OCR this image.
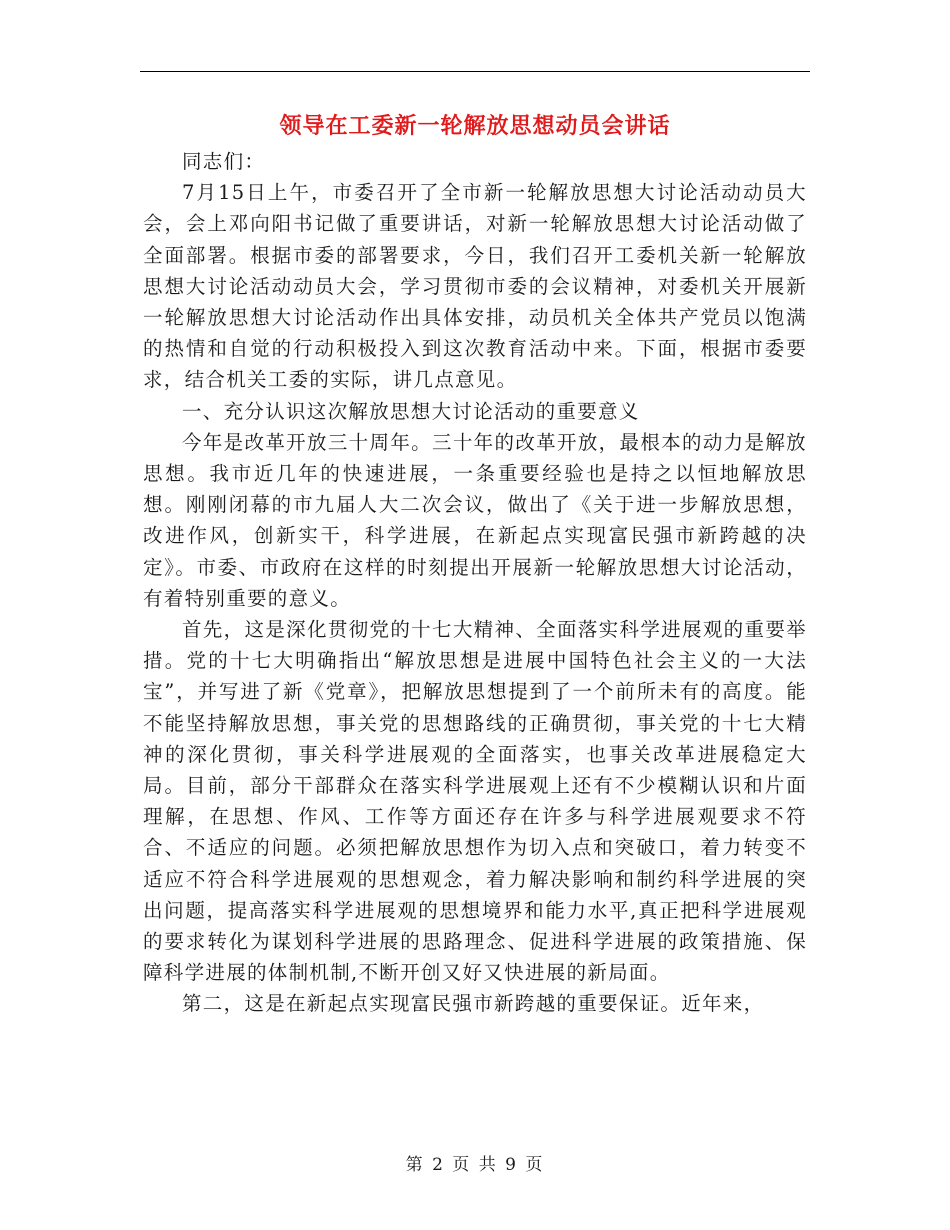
领导在工委新一轮解放思想动员会讲话

同志们：

7月15日上午，市委召开了全市新一轮解放思想大讨论活动动员大会，会上邓向阳书记做了重要讲话，对新一轮解放思想大讨论活动做了全面部署。根据市委的部署要求，今日，我们召开工委机关新一轮解放思想大讨论活动动员大会，学习贯彻市委的会议精神，对委机关开展新一轮解放思想大讨论活动作出具体安排，动员机关全体共产党员以饱满的热情和自觉的行动积极投入到这次教育活动中来。下面，根据市委要求，结合机关工委的实际，讲几点意见。

一、充分认识这次解放思想大讨论活动的重要意义

今年是改革开放三十周年。三十年的改革开放，最根本的动力是解放思想。我市近几年的快速进展，一条重要经验也是持之以恒地解放思想。刚刚闭幕的市九届人大二次会议，做出了《关于进一步解放思想，改进作风，创新实干，科学进展，在新起点实现富民强市新跨越的决定》。市委、市政府在这样的时刻提出开展新一轮解放思想大讨论活动，有着特别重要的意义。

首先，这是深化贯彻党的十七大精神、全面落实科学进展观的重要举措。党的十七大明确指出“解放思想是进展中国特色社会主义的一大法宝”，并写进了新《党章》，把解放思想提到了一个前所未有的高度。能不能坚持解放思想，事关党的思想路线的正确贯彻，事关党的十七大精神的深化贯彻，事关科学进展观的全面落实，也事关改革进展稳定大局。目前，部分干部群众在落实科学进展观上还有不少模糊认识和片面理解，在思想、作风、工作等方面还存在许多与科学进展观要求不符合、不适应的问题。必须把解放思想作为切入点和突破口，着力转变不适应不符合科学进展观的思想观念，着力解决影响和制约科学进展的突出问题，提高落实科学进展观的思想境界和能力水平,真正把科学进展观的要求转化为谋划科学进展的思路理念、促进科学进展的政策措施、保障科学进展的体制机制,不断开创又好又快进展的新局面。

第二，这是在新起点实现富民强市新跨越的重要保证。近年来，

第 2 页 共 9 页
